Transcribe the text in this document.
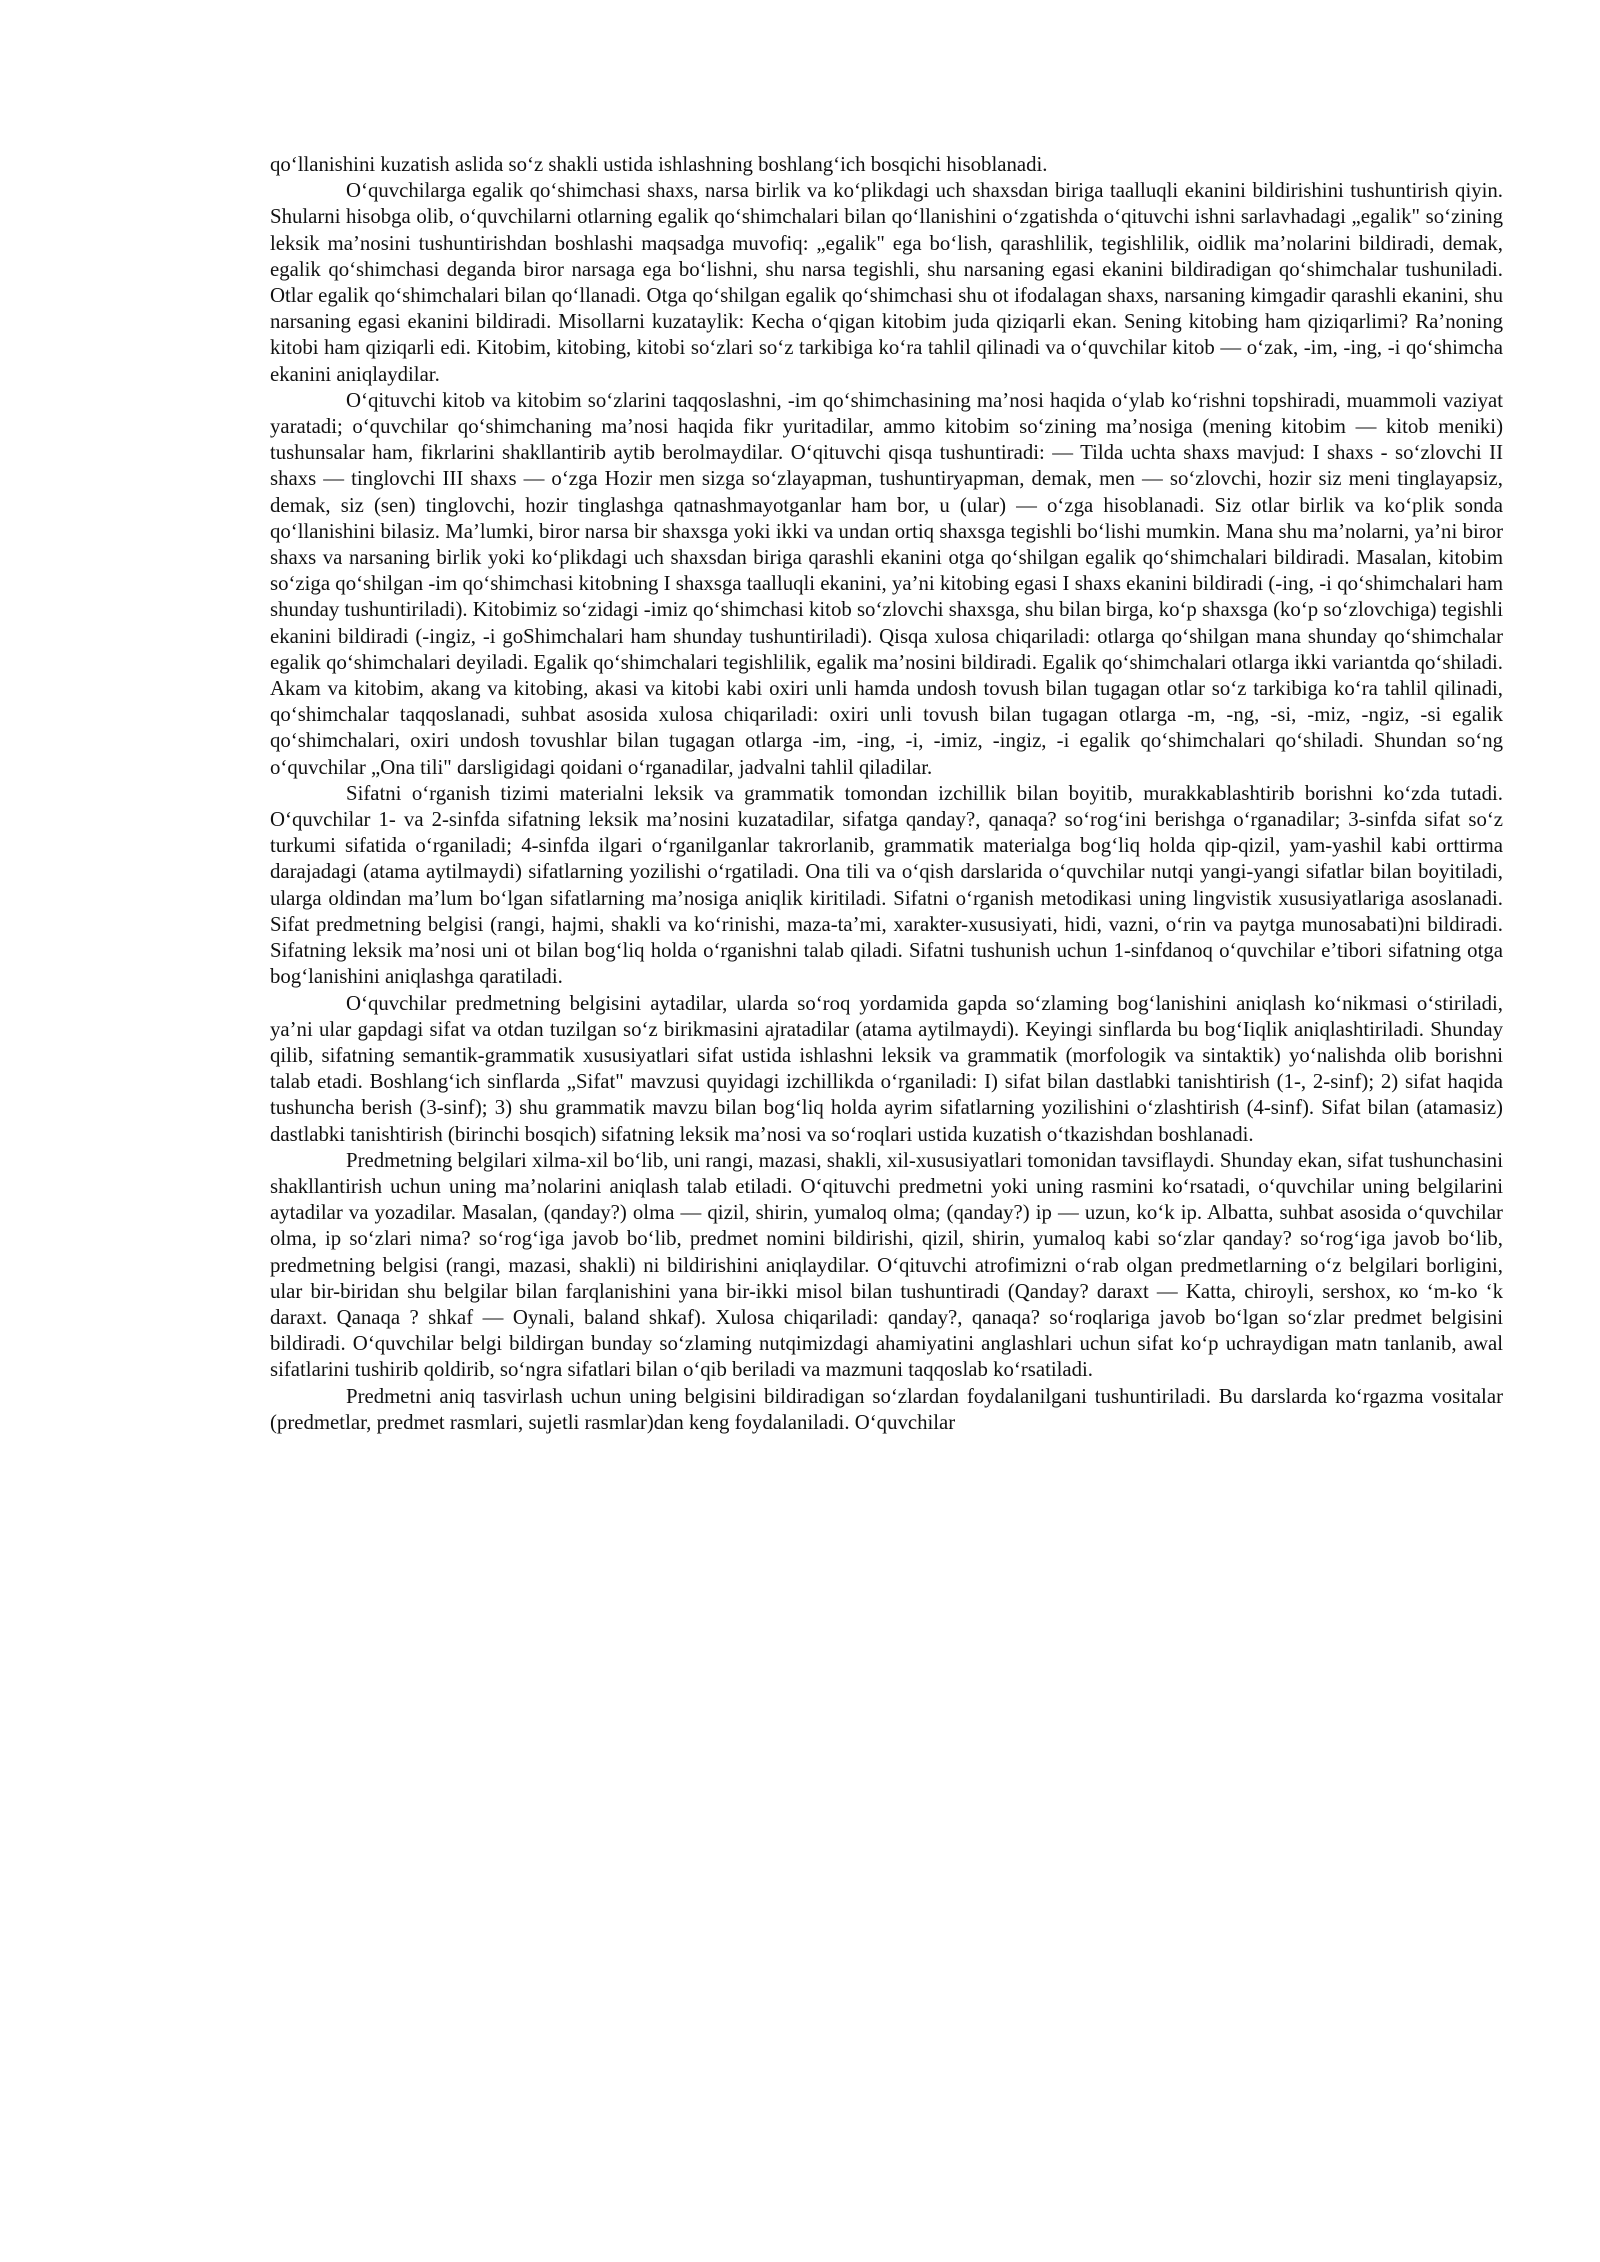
qo‘llanishini kuzatish aslida so‘z shakli ustida ishlashning boshlang‘ich bosqichi hisoblanadi.

O‘quvchilarga egalik qo‘shimchasi shaxs, narsa birlik va ko‘plikdagi uch shaxsdan biriga taalluqli ekanini bildirishini tushuntirish qiyin. Shularni hisobga olib, o‘quvchilarni otlarning egalik qo‘shimchalari bilan qo‘llanishini o‘zgatishda o‘qituvchi ishni sarlavhadagi „egalik" so‘zining leksik ma’nosini tushuntirishdan boshlashi maqsadga muvofiq: „egalik" ega bo‘lish, qarashlilik, tegishlilik, oidlik ma’nolarini bildiradi, demak, egalik qo‘shimchasi deganda biror narsaga ega bo‘lishni, shu narsa tegishli, shu narsaning egasi ekanini bildiradigan qo‘shimchalar tushuniladi. Otlar egalik qo‘shimchalari bilan qo‘llanadi. Otga qo‘shilgan egalik qo‘shimchasi shu ot ifodalagan shaxs, narsaning kimgadir qarashli ekanini, shu narsaning egasi ekanini bildiradi. Misollarni kuzataylik: Kecha o‘qigan kitobim juda qiziqarli ekan. Sening kitobing ham qiziqarlimi? Ra’noning kitobi ham qiziqarli edi. Kitobim, kitobing, kitobi so‘zlari so‘z tarkibiga ko‘ra tahlil qilinadi va o‘quvchilar kitob — o‘zak, -im, -ing, -i qo‘shimcha ekanini aniqlaydilar.

O‘qituvchi kitob va kitobim so‘zlarini taqqoslashni, -im qo‘shimchasining ma’nosi haqida o‘ylab ko‘rishni topshiradi, muammoli vaziyat yaratadi; o‘quvchilar qo‘shimchaning ma’nosi haqida fikr yuritadilar, ammo kitobim so‘zining ma’nosiga (mening kitobim — kitob meniki) tushunsalar ham, fikrlarini shakllantirib aytib berolmaydilar. O‘qituvchi qisqa tushuntiradi: — Tilda uchta shaxs mavjud: I shaxs - so‘zlovchi II shaxs — tinglovchi III shaxs — o‘zga Hozir men sizga so‘zlayapman, tushuntiryapman, demak, men — so‘zlovchi, hozir siz meni tinglayapsiz, demak, siz (sen) tinglovchi, hozir tinglashga qatnashmayotganlar ham bor, u (ular) — o‘zga hisoblanadi. Siz otlar birlik va ko‘plik sonda qo‘llanishini bilasiz. Ma’lumki, biror narsa bir shaxsga yoki ikki va undan ortiq shaxsga tegishli bo‘lishi mumkin. Mana shu ma’nolarni, ya’ni biror shaxs va narsaning birlik yoki ko‘plikdagi uch shaxsdan biriga qarashli ekanini otga qo‘shilgan egalik qo‘shimchalari bildiradi. Masalan, kitobim so‘ziga qo‘shilgan -im qo‘shimchasi kitobning I shaxsga taalluqli ekanini, ya’ni kitobing egasi I shaxs ekanini bildiradi (-ing, -i qo‘shimchalari ham shunday tushuntiriladi). Kitobimiz so‘zidagi -imiz qo‘shimchasi kitob so‘zlovchi shaxsga, shu bilan birga, ko‘p shaxsga (ko‘p so‘zlovchiga) tegishli ekanini bildiradi (-ingiz, -i goShimchalari ham shunday tushuntiriladi). Qisqa xulosa chiqariladi: otlarga qo‘shilgan mana shunday qo‘shimchalar egalik qo‘shimchalari deyiladi. Egalik qo‘shimchalari tegishlilik, egalik ma’nosini bildiradi. Egalik qo‘shimchalari otlarga ikki variantda qo‘shiladi. Akam va kitobim, akang va kitobing, akasi va kitobi kabi oxiri unli hamda undosh tovush bilan tugagan otlar so‘z tarkibiga ko‘ra tahlil qilinadi, qo‘shimchalar taqqoslanadi, suhbat asosida xulosa chiqariladi: oxiri unli tovush bilan tugagan otlarga -m, -ng, -si, -miz, -ngiz, -si egalik qo‘shimchalari, oxiri undosh tovushlar bilan tugagan otlarga -im, -ing, -i, -imiz, -ingiz, -i egalik qo‘shimchalari qo‘shiladi. Shundan so‘ng o‘quvchilar „Ona tili" darsligidagi qoidani o‘rganadilar, jadvalni tahlil qiladilar.

Sifatni o‘rganish tizimi materialni leksik va grammatik tomondan izchillik bilan boyitib, murakkablashtirib borishni ko‘zda tutadi. O‘quvchilar 1- va 2-sinfda sifatning leksik ma’nosini kuzatadilar, sifatga qanday?, qanaqa? so‘rog‘ini berishga o‘rganadilar; 3-sinfda sifat so‘z turkumi sifatida o‘rganiladi; 4-sinfda ilgari o‘rganilganlar takrorlanib, grammatik materialga bog‘liq holda qip-qizil, yam-yashil kabi orttirma darajadagi (atama aytilmaydi) sifatlarning yozilishi o‘rgatiladi. Ona tili va o‘qish darslarida o‘quvchilar nutqi yangi-yangi sifatlar bilan boyitiladi, ularga oldindan ma’lum bo‘lgan sifatlarning ma’nosiga aniqlik kiritiladi. Sifatni o‘rganish metodikasi uning lingvistik xususiyatlariga asoslanadi. Sifat predmetning belgisi (rangi, hajmi, shakli va ko‘rinishi, maza-ta’mi, xarakter-xususiyati, hidi, vazni, o‘rin va paytga munosabati)ni bildiradi. Sifatning leksik ma’nosi uni ot bilan bog‘liq holda o‘rganishni talab qiladi. Sifatni tushunish uchun 1-sinfdanoq o‘quvchilar e’tibori sifatning otga bog‘lanishini aniqlashga qaratiladi.

O‘quvchilar predmetning belgisini aytadilar, ularda so‘roq yordamida gapda so‘zlaming bog‘lanishini aniqlash ko‘nikmasi o‘stiriladi, ya’ni ular gapdagi sifat va otdan tuzilgan so‘z birikmasini ajratadilar (atama aytilmaydi). Keyingi sinflarda bu bog‘Iiqlik aniqlashtiriladi. Shunday qilib, sifatning semantik-grammatik xususiyatlari sifat ustida ishlashni leksik va grammatik (morfologik va sintaktik) yo‘nalishda olib borishni talab etadi. Boshlang‘ich sinflarda „Sifat" mavzusi quyidagi izchillikda o‘rganiladi: I) sifat bilan dastlabki tanishtirish (1-, 2-sinf); 2) sifat haqida tushuncha berish (3-sinf); 3) shu grammatik mavzu bilan bog‘liq holda ayrim sifatlarning yozilishini o‘zlashtirish (4-sinf). Sifat bilan (atamasiz) dastlabki tanishtirish (birinchi bosqich) sifatning leksik ma’nosi va so‘roqlari ustida kuzatish o‘tkazishdan boshlanadi.

Predmetning belgilari xilma-xil bo‘lib, uni rangi, mazasi, shakli, xil-xususiyatlari tomonidan tavsiflaydi. Shunday ekan, sifat tushunchasini shakllantirish uchun uning ma’nolarini aniqlash talab etiladi. O‘qituvchi predmetni yoki uning rasmini ko‘rsatadi, o‘quvchilar uning belgilarini aytadilar va yozadilar. Masalan, (qanday?) olma — qizil, shirin, yumaloq olma; (qanday?) ip — uzun, ko‘k ip. Albatta, suhbat asosida o‘quvchilar olma, ip so‘zlari nima? so‘rog‘iga javob bo‘lib, predmet nomini bildirishi, qizil, shirin, yumaloq kabi so‘zlar qanday? so‘rog‘iga javob bo‘lib, predmetning belgisi (rangi, mazasi, shakli) ni bildirishini aniqlaydilar. O‘qituvchi atrofimizni o‘rab olgan predmetlarning o‘z belgilari borligini, ular bir-biridan shu belgilar bilan farqlanishini yana bir-ikki misol bilan tushuntiradi (Qanday? daraxt — Katta, chiroyli, sershox, ко ‘m-ko ‘k daraxt. Qanaqa ? shkaf — Oynali, baland shkaf). Xulosa chiqariladi: qanday?, qanaqa? so‘roqlariga javob bo‘lgan so‘zlar predmet belgisini bildiradi. O‘quvchilar belgi bildirgan bunday so‘zlaming nutqimizdagi ahamiyatini anglashlari uchun sifat ko‘p uchraydigan matn tanlanib, awal sifatlarini tushirib qoldirib, so‘ngra sifatlari bilan o‘qib beriladi va mazmuni taqqoslab ko‘rsatiladi.

Predmetni aniq tasvirlash uchun uning belgisini bildiradigan so‘zlardan foydalanilgani tushuntiriladi. Bu darslarda ko‘rgazma vositalar (predmetlar, predmet rasmlari, sujetli rasmlar)dan keng foydalaniladi. O‘quvchilar
